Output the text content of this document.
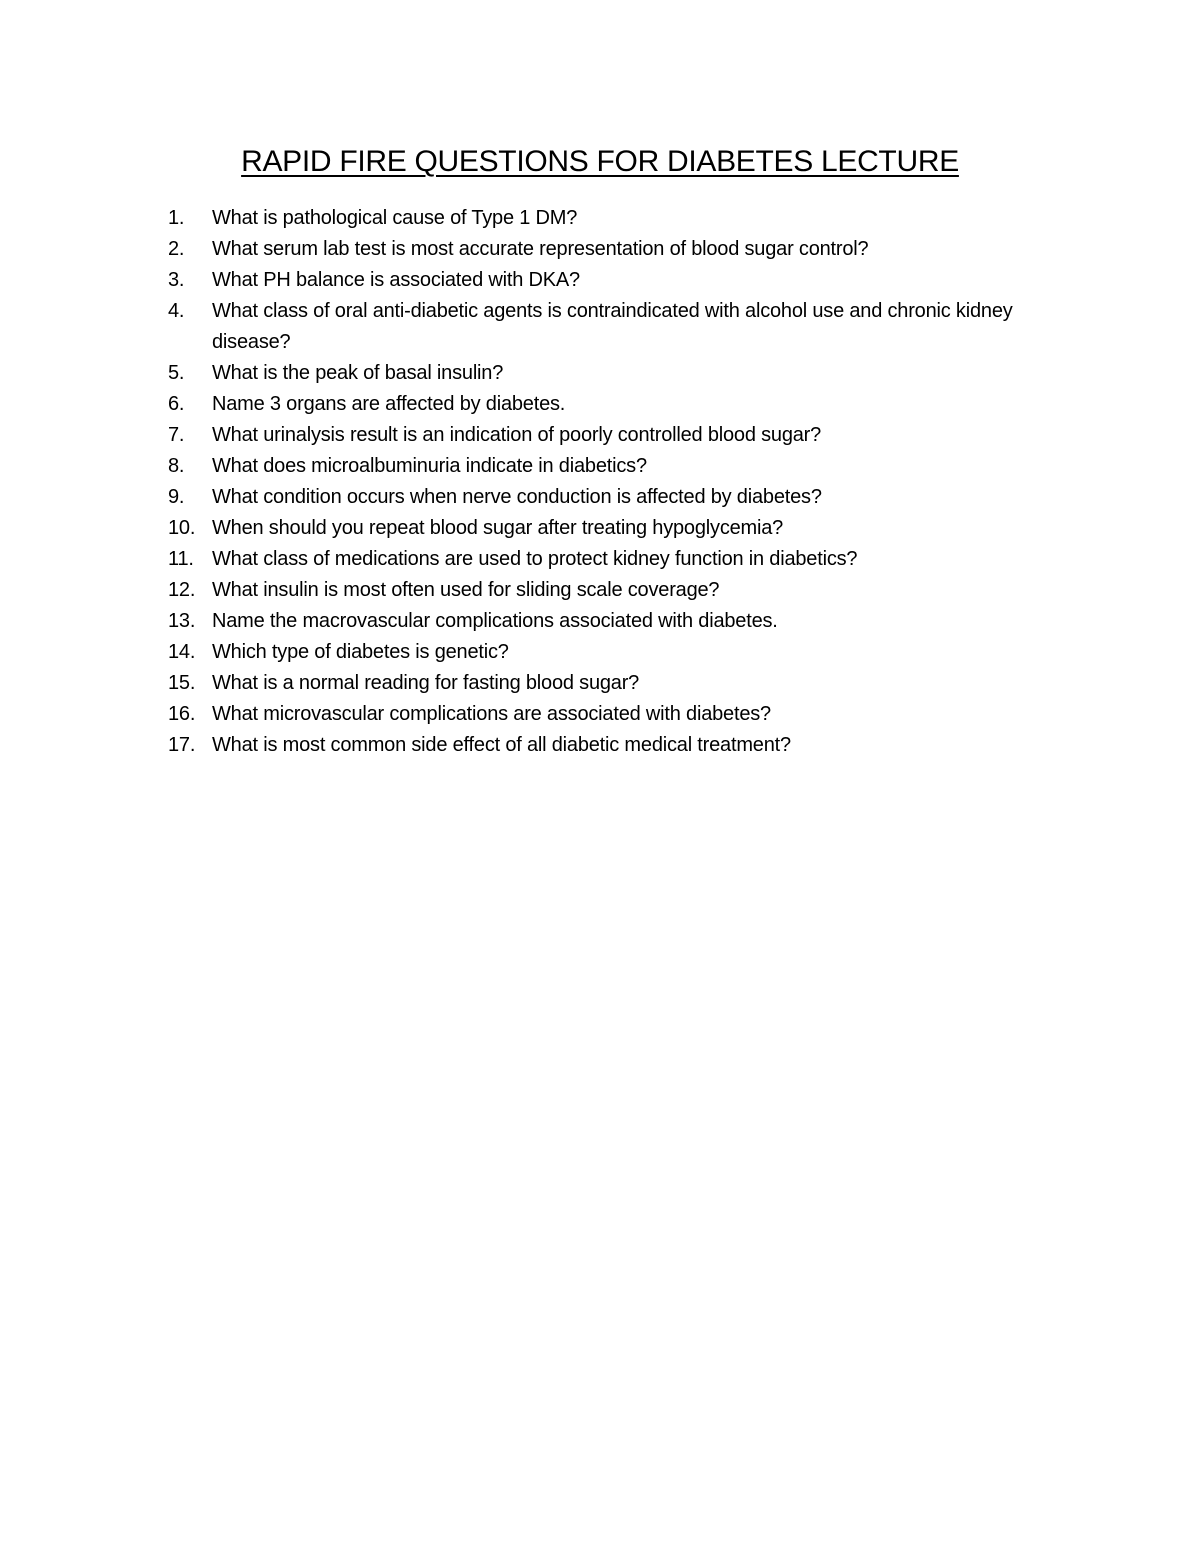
RAPID FIRE QUESTIONS FOR DIABETES LECTURE
1.	What is pathological cause of Type 1 DM?
2.	What serum lab test is most accurate representation of blood sugar control?
3.	What PH balance is associated with DKA?
4.	What class of oral anti-diabetic agents is contraindicated with alcohol use and chronic kidney disease?
5.	What is the peak of basal insulin?
6.	Name 3 organs are affected by diabetes.
7.	What urinalysis result is an indication of poorly controlled blood sugar?
8.	What does microalbuminuria indicate in diabetics?
9.	What condition occurs when nerve conduction is affected by diabetes?
10. When should you repeat blood sugar after treating hypoglycemia?
11. What class of medications are used to protect kidney function in diabetics?
12. What insulin is most often used for sliding scale coverage?
13. Name the macrovascular complications associated with diabetes.
14. Which type of diabetes is genetic?
15. What is a normal reading for fasting blood sugar?
16. What microvascular complications are associated with diabetes?
17. What is most common side effect of all diabetic medical treatment?
